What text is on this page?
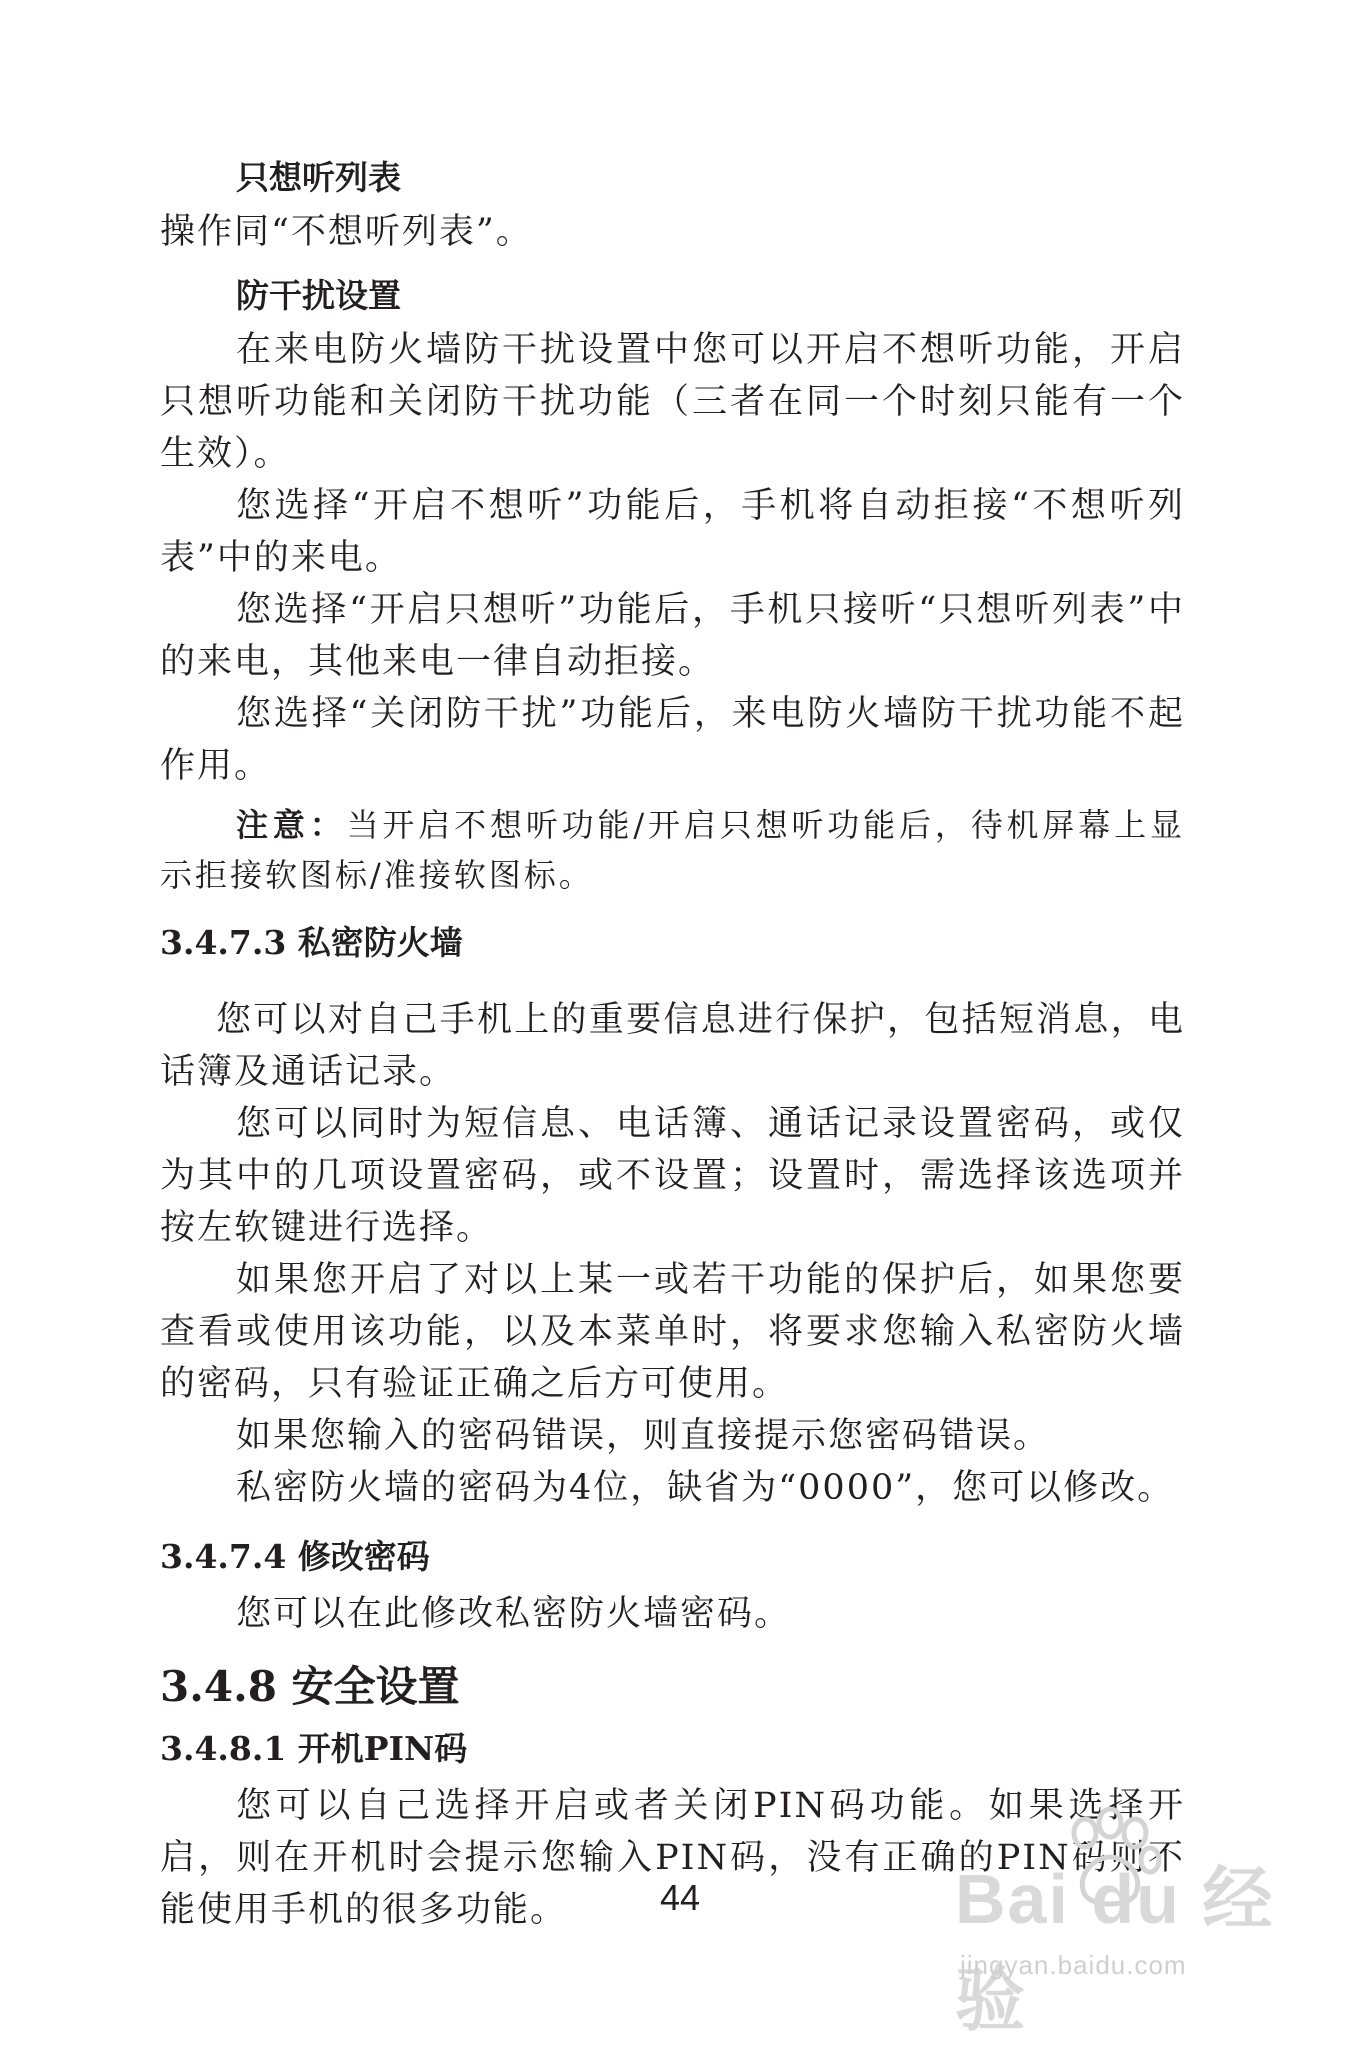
只想听列表

操作同“不想听列表”。

防干扰设置

在来电防火墙防干扰设置中您可以开启不想听功能，开启只想听功能和关闭防干扰功能（三者在同一个时刻只能有一个生效）。

您选择“开启不想听”功能后，手机将自动拒接“不想听列表”中的来电。

您选择“开启只想听”功能后，手机只接听“只想听列表”中的来电，其他来电一律自动拒接。

您选择“关闭防干扰”功能后，来电防火墙防干扰功能不起作用。

注意：当开启不想听功能/开启只想听功能后，待机屏幕上显示拒接软图标/准接软图标。

3.4.7.3 私密防火墙

您可以对自己手机上的重要信息进行保护，包括短消息，电话簿及通话记录。

您可以同时为短信息、电话簿、通话记录设置密码，或仅为其中的几项设置密码，或不设置；设置时，需选择该选项并按左软键进行选择。

如果您开启了对以上某一或若干功能的保护后，如果您要查看或使用该功能，以及本菜单时，将要求您输入私密防火墙的密码，只有验证正确之后方可使用。

如果您输入的密码错误，则直接提示您密码错误。

私密防火墙的密码为4位，缺省为“0000”，您可以修改。

3.4.7.4 修改密码

您可以在此修改私密防火墙密码。

3.4.8 安全设置
3.4.8.1 开机PIN码

您可以自己选择开启或者关闭PIN码功能。如果选择开启，则在开机时会提示您输入PIN码，没有正确的PIN码则不能使用手机的很多功能。	44	Bai du 经验
jingyan.baidu.com
